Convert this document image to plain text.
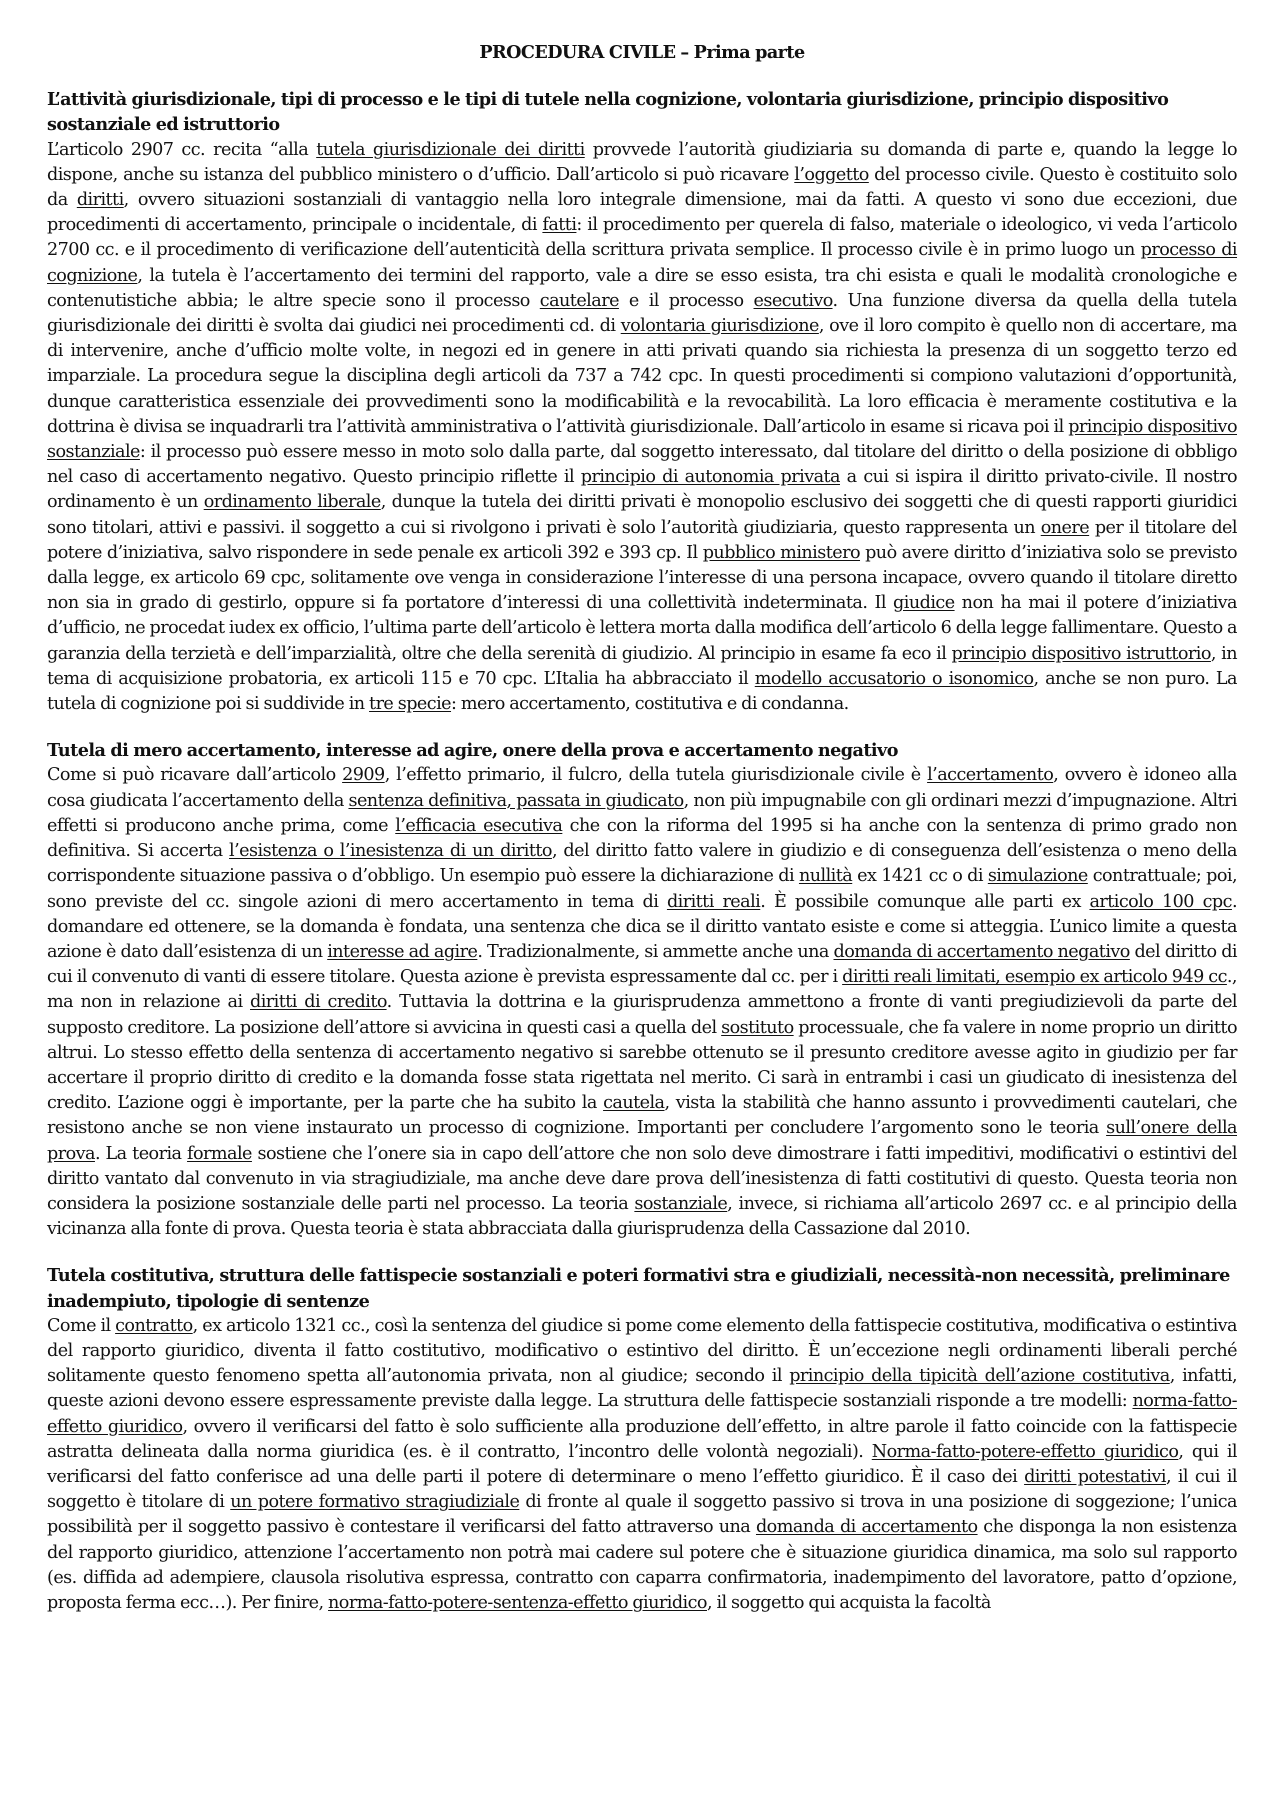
PROCEDURA CIVILE – Prima parte
L’attività giurisdizionale, tipi di processo e le tipi di tutele nella cognizione, volontaria giurisdizione, principio dispositivo sostanziale ed istruttorio
L’articolo 2907 cc. recita “alla tutela giurisdizionale dei diritti provvede l’autorità giudiziaria su domanda di parte e, quando la legge lo dispone, anche su istanza del pubblico ministero o d’ufficio. Dall’articolo si può ricavare l’oggetto del processo civile. Questo è costituito solo da diritti, ovvero situazioni sostanziali di vantaggio nella loro integrale dimensione, mai da fatti. A questo vi sono due eccezioni, due procedimenti di accertamento, principale o incidentale, di fatti: il procedimento per querela di falso, materiale o ideologico, vi veda l’articolo 2700 cc. e il procedimento di verificazione dell’autenticità della scrittura privata semplice. Il processo civile è in primo luogo un processo di cognizione, la tutela è l’accertamento dei termini del rapporto, vale a dire se esso esista, tra chi esista e quali le modalità cronologiche e contenutistiche abbia; le altre specie sono il processo cautelare e il processo esecutivo. Una funzione diversa da quella della tutela giurisdizionale dei diritti è svolta dai giudici nei procedimenti cd. di volontaria giurisdizione, ove il loro compito è quello non di accertare, ma di intervenire, anche d’ufficio molte volte, in negozi ed in genere in atti privati quando sia richiesta la presenza di un soggetto terzo ed imparziale. La procedura segue la disciplina degli articoli da 737 a 742 cpc. In questi procedimenti si compiono valutazioni d’opportunità, dunque caratteristica essenziale dei provvedimenti sono la modificabilità e la revocabilità. La loro efficacia è meramente costitutiva e la dottrina è divisa se inquadrarli tra l’attività amministrativa o l’attività giurisdizionale. Dall’articolo in esame si ricava poi il principio dispositivo sostanziale: il processo può essere messo in moto solo dalla parte, dal soggetto interessato, dal titolare del diritto o della posizione di obbligo nel caso di accertamento negativo. Questo principio riflette il principio di autonomia privata a cui si ispira il diritto privato-civile. Il nostro ordinamento è un ordinamento liberale, dunque la tutela dei diritti privati è monopolio esclusivo dei soggetti che di questi rapporti giuridici sono titolari, attivi e passivi. il soggetto a cui si rivolgono i privati è solo l’autorità giudiziaria, questo rappresenta un onere per il titolare del potere d’iniziativa, salvo rispondere in sede penale ex articoli 392 e 393 cp. Il pubblico ministero può avere diritto d’iniziativa solo se previsto dalla legge, ex articolo 69 cpc, solitamente ove venga in considerazione l’interesse di una persona incapace, ovvero quando il titolare diretto non sia in grado di gestirlo, oppure si fa portatore d’interessi di una collettività indeterminata. Il giudice non ha mai il potere d’iniziativa d’ufficio, ne procedat iudex ex officio, l’ultima parte dell’articolo è lettera morta dalla modifica dell’articolo 6 della legge fallimentare. Questo a garanzia della terzietà e dell’imparzialità, oltre che della serenità di giudizio. Al principio in esame fa eco il principio dispositivo istruttorio, in tema di acquisizione probatoria, ex articoli 115 e 70 cpc. L’Italia ha abbracciato il modello accusatorio o isonomico, anche se non puro. La tutela di cognizione poi si suddivide in tre specie: mero accertamento, costitutiva e di condanna.
Tutela di mero accertamento, interesse ad agire, onere della prova e accertamento negativo
Come si può ricavare dall’articolo 2909, l’effetto primario, il fulcro, della tutela giurisdizionale civile è l’accertamento, ovvero è idoneo alla cosa giudicata l’accertamento della sentenza definitiva, passata in giudicato, non più impugnabile con gli ordinari mezzi d’impugnazione. Altri effetti si producono anche prima, come l’efficacia esecutiva che con la riforma del 1995 si ha anche con la sentenza di primo grado non definitiva. Si accerta l’esistenza o l’inesistenza di un diritto, del diritto fatto valere in giudizio e di conseguenza dell’esistenza o meno della corrispondente situazione passiva o d’obbligo. Un esempio può essere la dichiarazione di nullità ex 1421 cc o di simulazione contrattuale; poi, sono previste del cc. singole azioni di mero accertamento in tema di diritti reali. È possibile comunque alle parti ex articolo 100 cpc. domandare ed ottenere, se la domanda è fondata, una sentenza che dica se il diritto vantato esiste e come si atteggia. L’unico limite a questa azione è dato dall’esistenza di un interesse ad agire. Tradizionalmente, si ammette anche una domanda di accertamento negativo del diritto di cui il convenuto di vanti di essere titolare. Questa azione è prevista espressamente dal cc. per i diritti reali limitati, esempio ex articolo 949 cc., ma non in relazione ai diritti di credito. Tuttavia la dottrina e la giurisprudenza ammettono a fronte di vanti pregiudizievoli da parte del supposto creditore. La posizione dell’attore si avvicina in questi casi a quella del sostituto processuale, che fa valere in nome proprio un diritto altrui. Lo stesso effetto della sentenza di accertamento negativo si sarebbe ottenuto se il presunto creditore avesse agito in giudizio per far accertare il proprio diritto di credito e la domanda fosse stata rigettata nel merito. Ci sarà in entrambi i casi un giudicato di inesistenza del credito. L’azione oggi è importante, per la parte che ha subito la cautela, vista la stabilità che hanno assunto i provvedimenti cautelari, che resistono anche se non viene instaurato un processo di cognizione. Importanti per concludere l’argomento sono le teoria sull’onere della prova. La teoria formale sostiene che l’onere sia in capo dell’attore che non solo deve dimostrare i fatti impeditivi, modificativi o estintivi del diritto vantato dal convenuto in via stragiudiziale, ma anche deve dare prova dell’inesistenza di fatti costitutivi di questo. Questa teoria non considera la posizione sostanziale delle parti nel processo. La teoria sostanziale, invece, si richiama all’articolo 2697 cc. e al principio della vicinanza alla fonte di prova. Questa teoria è stata abbracciata dalla giurisprudenza della Cassazione dal 2010.
Tutela costitutiva, struttura delle fattispecie sostanziali e poteri formativi stra e giudiziali, necessità-non necessità, preliminare inadempiuto, tipologie di sentenze
Come il contratto, ex articolo 1321 cc., così la sentenza del giudice si pome come elemento della fattispecie costitutiva, modificativa o estintiva del rapporto giuridico, diventa il fatto costitutivo, modificativo o estintivo del diritto. È un’eccezione negli ordinamenti liberali perché solitamente questo fenomeno spetta all’autonomia privata, non al giudice; secondo il principio della tipicità dell’azione costitutiva, infatti, queste azioni devono essere espressamente previste dalla legge. La struttura delle fattispecie sostanziali risponde a tre modelli: norma-fatto-effetto giuridico, ovvero il verificarsi del fatto è solo sufficiente alla produzione dell’effetto, in altre parole il fatto coincide con la fattispecie astratta delineata dalla norma giuridica (es. è il contratto, l’incontro delle volontà negoziali). Norma-fatto-potere-effetto giuridico, qui il verificarsi del fatto conferisce ad una delle parti il potere di determinare o meno l’effetto giuridico. È il caso dei diritti potestativi, il cui il soggetto è titolare di un potere formativo stragiudiziale di fronte al quale il soggetto passivo si trova in una posizione di soggezione; l’unica possibilità per il soggetto passivo è contestare il verificarsi del fatto attraverso una domanda di accertamento che disponga la non esistenza del rapporto giuridico, attenzione l’accertamento non potrà mai cadere sul potere che è situazione giuridica dinamica, ma solo sul rapporto (es. diffida ad adempiere, clausola risolutiva espressa, contratto con caparra confirmatoria, inadempimento del lavoratore, patto d’opzione, proposta ferma ecc…). Per finire, norma-fatto-potere-sentenza-effetto giuridico, il soggetto qui acquista la facoltà
